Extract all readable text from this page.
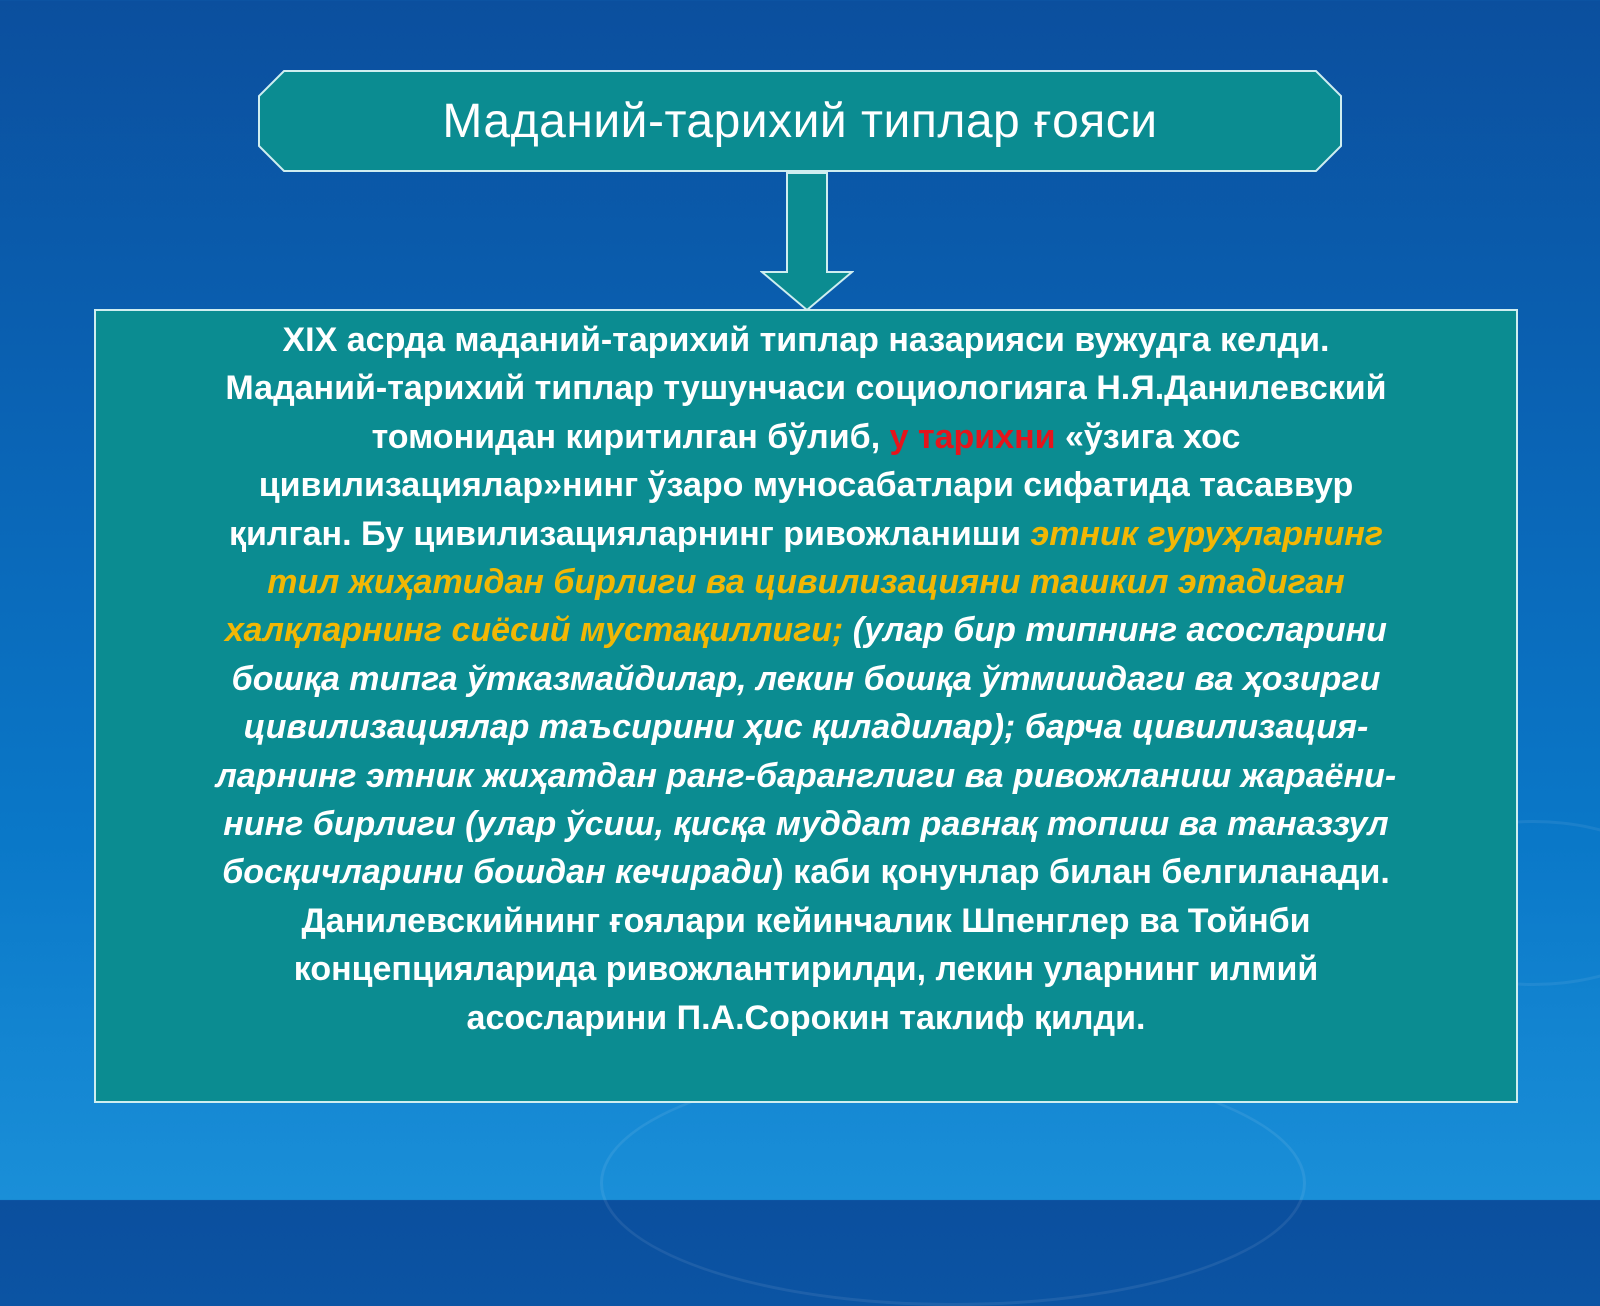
Маданий-тарихий типлар ғояси
XIX асрда маданий-тарихий типлар назарияси вужудга келди.
Маданий-тарихий типлар тушунчаси социологияга Н.Я.Данилевский
томонидан киритилган бўлиб, у тарихни «ўзига хос
цивилизациялар»нинг ўзаро муносабатлари сифатида тасаввур
қилган. Бу цивилизацияларнинг ривожланиши этник гуруҳларнинг
тил жиҳатидан бирлиги ва цивилизацияни ташкил этадиган
халқларнинг сиёсий мустақиллиги; (улар бир типнинг асосларини
бошқа типга ўтказмайдилар, лекин бошқа ўтмишдаги ва ҳозирги
цивилизациялар таъсирини ҳис қиладилар); барча цивилизация-
ларнинг этник жиҳатдан ранг-баранглиги ва ривожланиш жараёни-
нинг бирлиги (улар ўсиш, қисқа муддат равнақ топиш ва таназзул
босқичларини бошдан кечиради) каби қонунлар билан белгиланади.
Данилевскийнинг ғоялари кейинчалик Шпенглер ва Тойнби
концепцияларида ривожлантирилди, лекин уларнинг илмий
асосларини П.А.Сорокин таклиф қилди.
